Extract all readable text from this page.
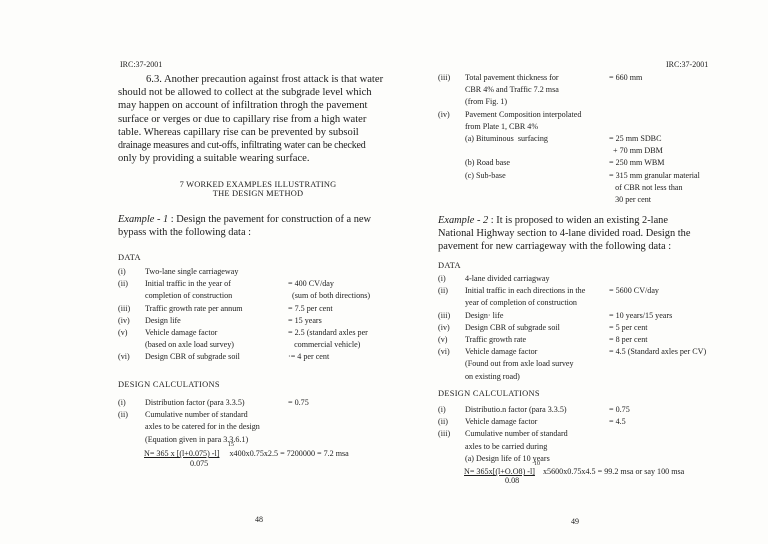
IRC:37-2001
6.3. Another precaution against frost attack is that water
should not be allowed to collect at the subgrade level which
may happen on account of infiltration throgh the pavement
surface or verges or due to capillary rise from a high water
table. Whereas capillary rise can be prevented by subsoil
drainage measures and cut-offs, infiltrating water can be checked
only by providing a suitable wearing surface.
7 WORKED EXAMPLES ILLUSTRATING
THE DESIGN METHOD
Example - 1 : Design the pavement for construction of a new
bypass with the following data :
DATA
(i) Two-lane single carriageway
(ii) Initial traffic in the year of	= 400 CV/day
completion of construction	(sum of both directions)
(iii) Traffic growth rate per annum	= 7.5 per cent
(iv) Design life	= 15 years
(v) Vehicle damage factor	= 2.5 (standard axles per
(based on axle load survey)	commercial vehicle)
(vi) Design CBR of subgrade soil	·= 4 per cent
DESIGN CALCULATIONS
(i) Distribution factor (para 3.3.5)	= 0.75
(ii) Cumulative number of standard
axles to be catered for in the design
(Equation given in para 3.3.6.1)
15
N= 365 x [(l+0.075) -l] x400x0.75x2.5 = 7200000 = 7.2 msa
0.075
48
IRC:37-2001
(iii) Total pavement thickness for	= 660 mm
CBR 4% and Traffic 7.2 msa
(from Fig. 1)
(iv) Pavement Composition interpolated
from Plate 1, CBR 4%
(a) Bituminous  surfacing	= 25 mm SDBC
+ 70 mm DBM
(b) Road base	= 250 mm WBM
(c) Sub-base	= 315 mm granular material
of CBR not less than
30 per cent
Example - 2 : It is proposed to widen an existing 2-lane
National Highway section to 4-lane divided road. Design the
pavement for new carriageway with the following data :
DATA
(i) 4-lane divided carriagway
(ii) Initial traffic in each directions in the	= 5600 CV/day
year of completion of construction
(iii) Design· life	= 10 years/15 years
(iv) Design CBR of subgrade soil	= 5 per cent
(v) Traffic growth rate	= 8 per cent
(vi) Vehicle damage factor	= 4.5 (Standard axles per CV)
(Found out from axle load survey
on existing road)
DESIGN CALCULATIONS
(i) Distributio.n factor (para 3.3.5)	= 0.75
(ii) Vehicle damage factor	= 4.5
(iii) Cumulative number of standard
axles to be carried during
(a) Design life of 10 years
10
N= 365x[(l+O.O8) -l] x5600x0.75x4.5 = 99.2 msa or say 100 msa
0.08
49
